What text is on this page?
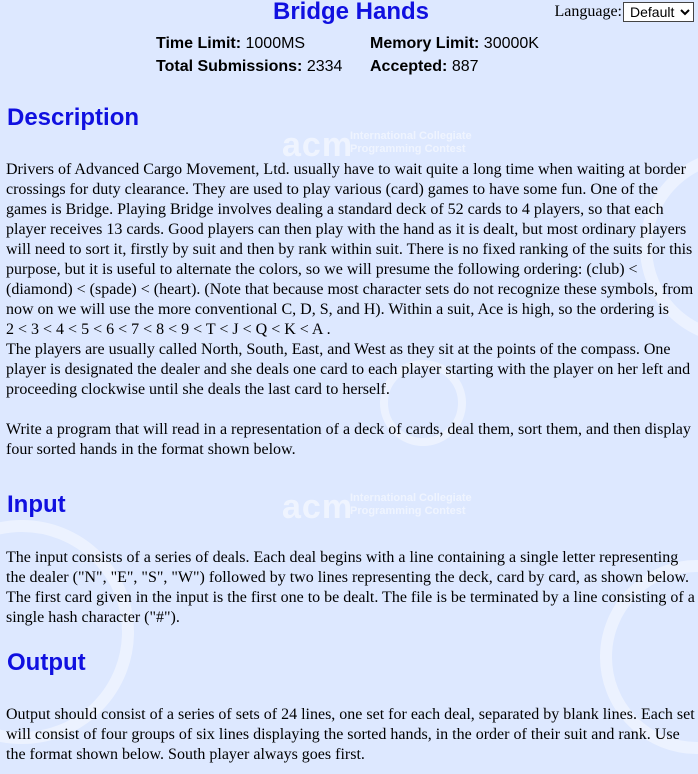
acm
International Collegiate
Programming Contest
acm
International Collegiate
Programming Contest
Language:
Default
Bridge Hands
Time Limit: 1000MS	Memory Limit: 30000K
Total Submissions: 2334	Accepted: 887
Description
Drivers of Advanced Cargo Movement, Ltd. usually have to wait quite a long time when waiting at border crossings for duty clearance. They are used to play various (card) games to have some fun. One of the games is Bridge. Playing Bridge involves dealing a standard deck of 52 cards to 4 players, so that each player receives 13 cards. Good players can then play with the hand as it is dealt, but most ordinary players will need to sort it, firstly by suit and then by rank within suit. There is no fixed ranking of the suits for this purpose, but it is useful to alternate the colors, so we will presume the following ordering: (club) < (diamond) < (spade) < (heart). (Note that because most character sets do not recognize these symbols, from now on we will use the more conventional C, D, S, and H). Within a suit, Ace is high, so the ordering is
2 < 3 < 4 < 5 < 6 < 7 < 8 < 9 < T < J < Q < K < A .
The players are usually called North, South, East, and West as they sit at the points of the compass. One player is designated the dealer and she deals one card to each player starting with the player on her left and proceeding clockwise until she deals the last card to herself.
Write a program that will read in a representation of a deck of cards, deal them, sort them, and then display four sorted hands in the format shown below.
Input
The input consists of a series of deals. Each deal begins with a line containing a single letter representing the dealer ("N", "E", "S", "W") followed by two lines representing the deck, card by card, as shown below. The first card given in the input is the first one to be dealt. The file is be terminated by a line consisting of a single hash character ("#").
Output
Output should consist of a series of sets of 24 lines, one set for each deal, separated by blank lines. Each set will consist of four groups of six lines displaying the sorted hands, in the order of their suit and rank. Use the format shown below. South player always goes first.
